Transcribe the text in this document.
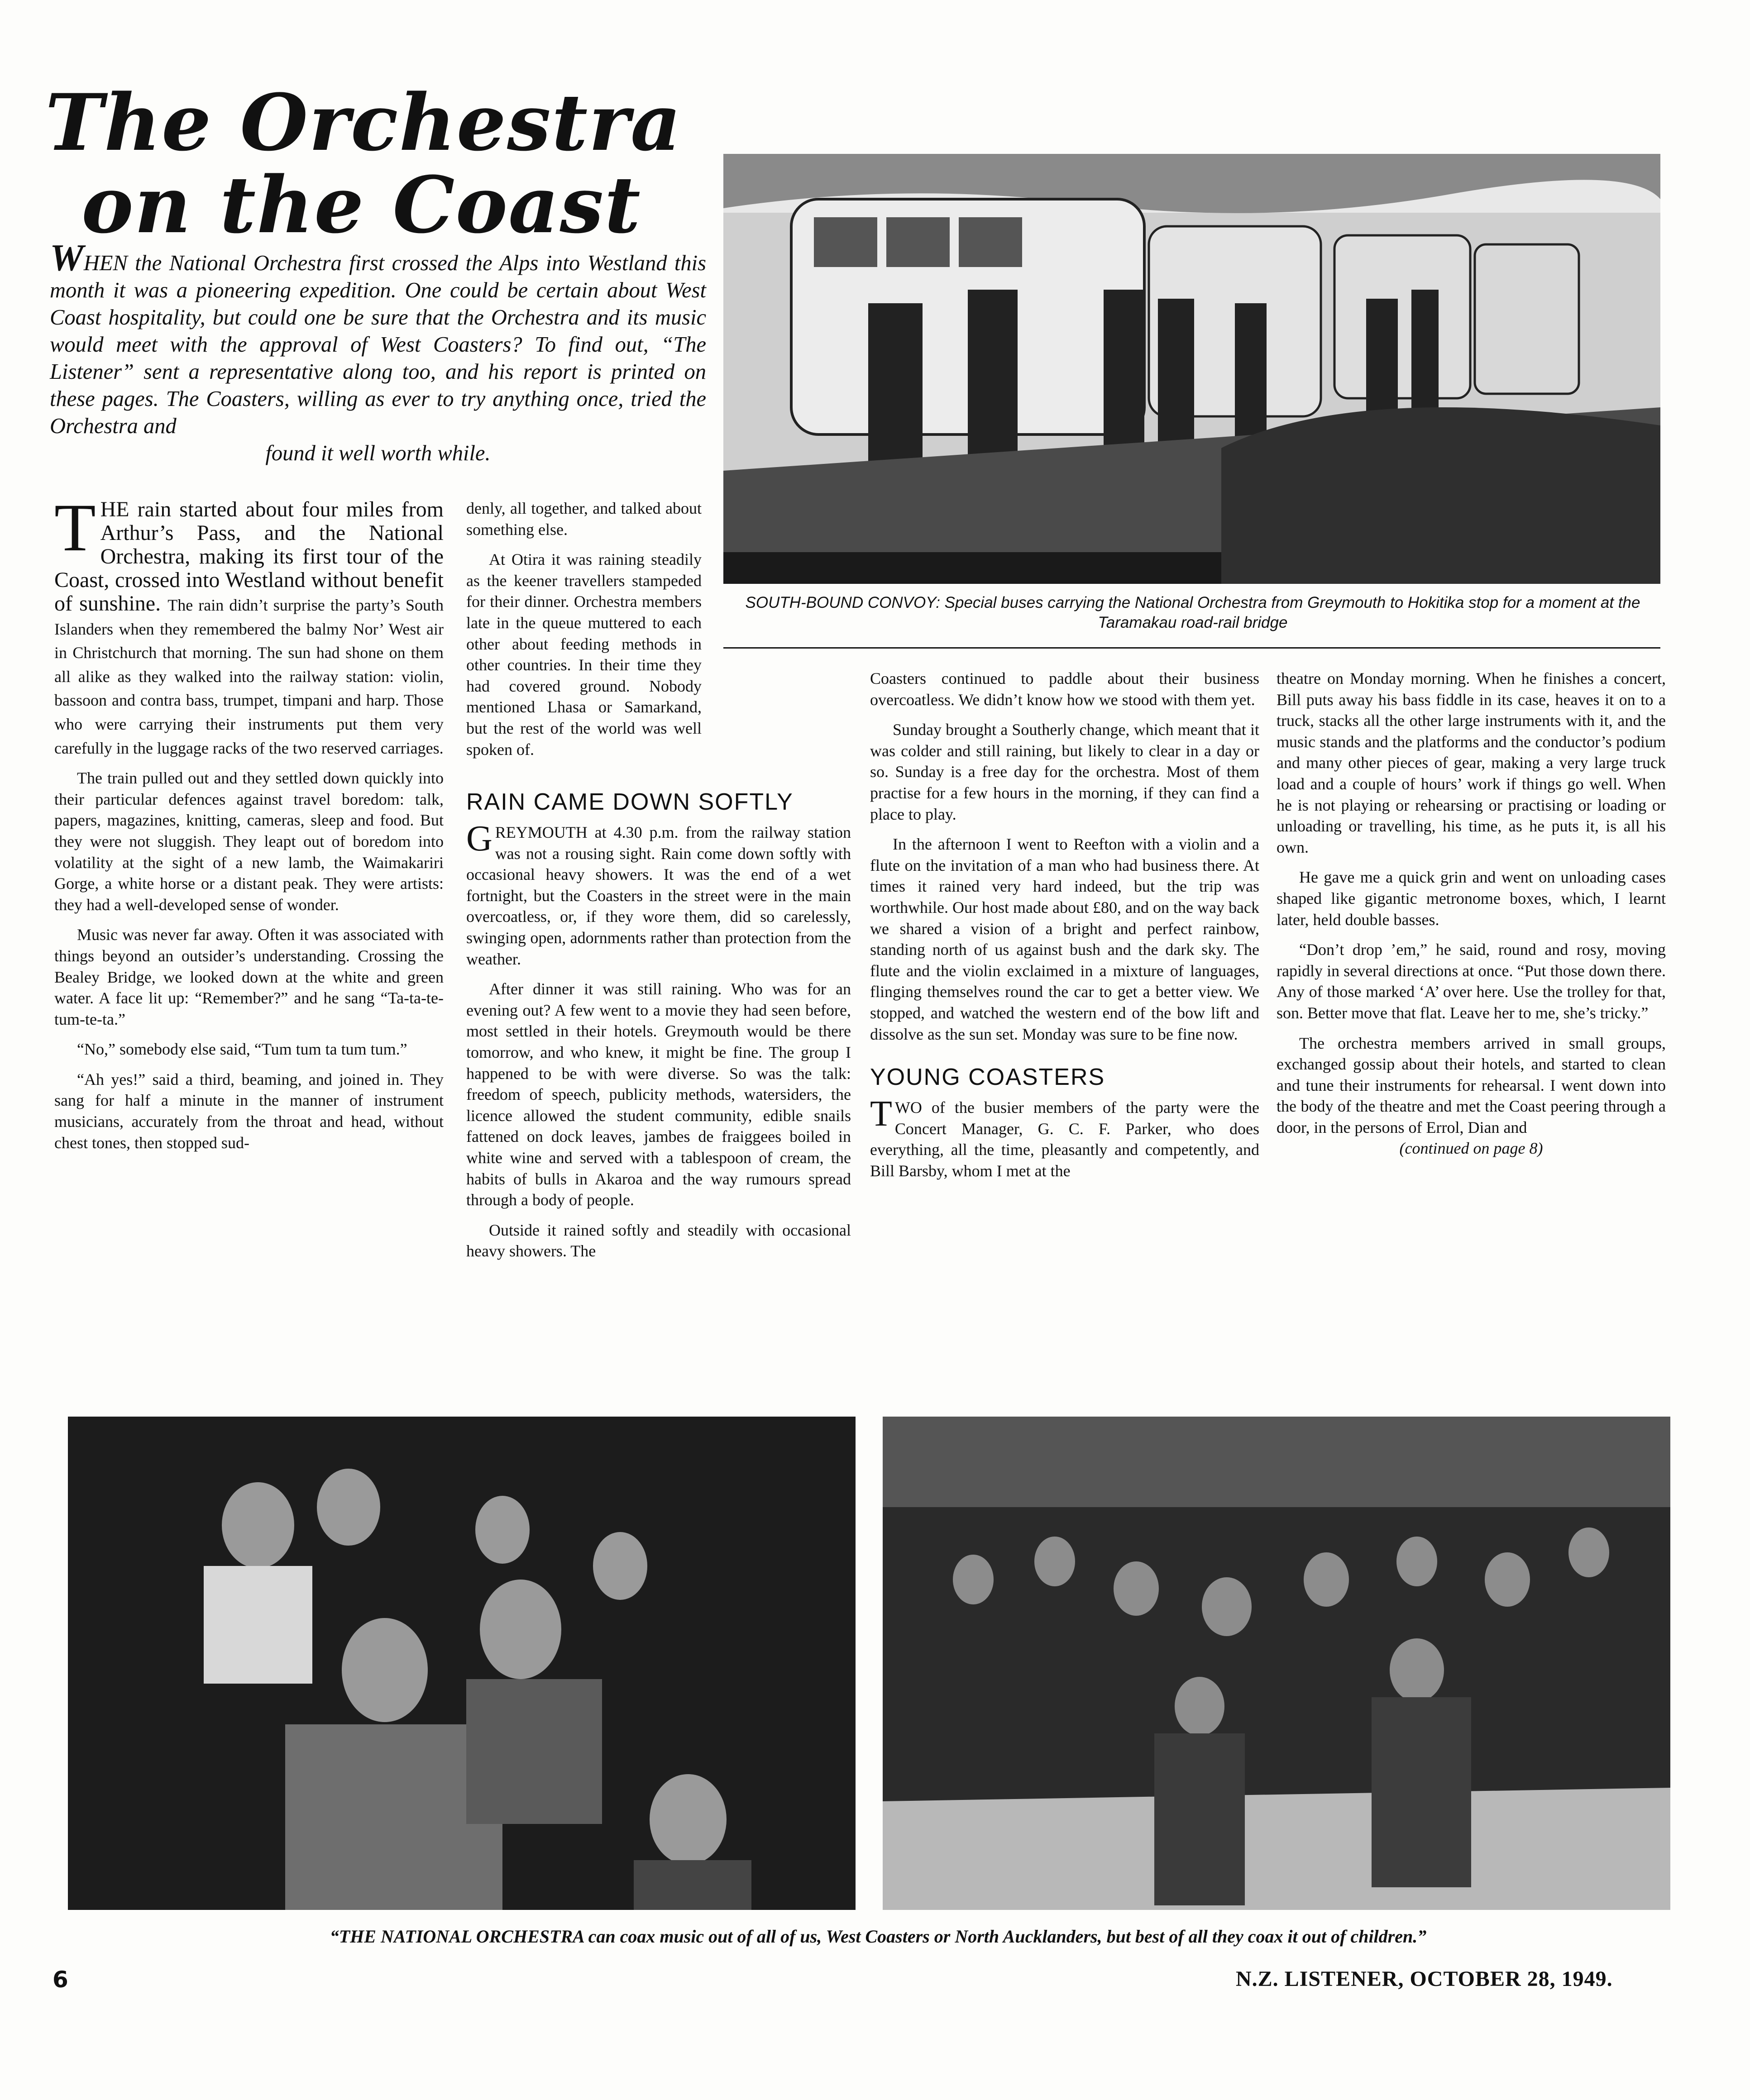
The Orchestra
on the Coast
WHEN the National Orchestra first crossed the Alps into Westland this month it was a pioneering expedition. One could be certain about West Coast hospitality, but could one be sure that the Orchestra and its music would meet with the approval of West Coasters? To find out, “The Listener” sent a representative along too, and his report is printed on these pages. The Coasters, willing as ever to try anything once, tried the Orchestra and
found it well worth while.
SOUTH-BOUND CONVOY: Special buses carrying the National Orchestra from Greymouth to Hokitika stop for a moment at the Taramakau road-rail bridge

THE rain started about four miles from Arthur’s Pass, and the National Orchestra, making its first tour of the Coast, crossed into Westland without benefit of sunshine. The rain didn’t surprise the party’s South Islanders when they remembered the balmy Nor’ West air in Christchurch that morning. The sun had shone on them all alike as they walked into the railway station: violin, bassoon and contra bass, trumpet, timpani and harp. Those who were carrying their instruments put them very carefully in the luggage racks of the two reserved carriages.

The train pulled out and they settled down quickly into their particular defences against travel boredom: talk, papers, magazines, knitting, cameras, sleep and food. But they were not sluggish. They leapt out of boredom into volatility at the sight of a new lamb, the Waimakariri Gorge, a white horse or a distant peak. They were artists: they had a well-developed sense of wonder.

Music was never far away. Often it was associated with things beyond an outsider’s understanding. Crossing the Bealey Bridge, we looked down at the white and green water. A face lit up: “Remember?” and he sang “Ta-ta-te-tum-te-ta.”

“No,” somebody else said, “Tum tum ta tum tum.”

“Ah yes!” said a third, beaming, and joined in. They sang for half a minute in the manner of instrument musicians, accurately from the throat and head, without chest tones, then stopped sud-

denly, all together, and talked about something else.

At Otira it was raining steadily as the keener travellers stampeded for their dinner. Orchestra members late in the queue muttered to each other about feeding methods in other countries. In their time they had covered ground. Nobody mentioned Lhasa or Samarkand, but the rest of the world was well spoken of.

RAIN CAME DOWN SOFTLY

GREYMOUTH at 4.30 p.m. from the railway station was not a rousing sight. Rain come down softly with occasional heavy showers. It was the end of a wet fortnight, but the Coasters in the street were in the main overcoatless, or, if they wore them, did so carelessly, swinging open, adornments rather than protection from the weather.

After dinner it was still raining. Who was for an evening out? A few went to a movie they had seen before, most settled in their hotels. Greymouth would be there tomorrow, and who knew, it might be fine. The group I happened to be with were diverse. So was the talk: freedom of speech, publicity methods, watersiders, the licence allowed the student community, edible snails fattened on dock leaves, jambes de fraiggees boiled in white wine and served with a tablespoon of cream, the habits of bulls in Akaroa and the way rumours spread through a body of people.

Outside it rained softly and steadily with occasional heavy showers. The

Coasters continued to paddle about their business overcoatless. We didn’t know how we stood with them yet.

Sunday brought a Southerly change, which meant that it was colder and still raining, but likely to clear in a day or so. Sunday is a free day for the orchestra. Most of them practise for a few hours in the morning, if they can find a place to play.

In the afternoon I went to Reefton with a violin and a flute on the invitation of a man who had business there. At times it rained very hard indeed, but the trip was worthwhile. Our host made about £80, and on the way back we shared a vision of a bright and perfect rainbow, standing north of us against bush and the dark sky. The flute and the violin exclaimed in a mixture of languages, flinging themselves round the car to get a better view. We stopped, and watched the western end of the bow lift and dissolve as the sun set. Monday was sure to be fine now.

YOUNG COASTERS

TWO of the busier members of the party were the Concert Manager, G. C. F. Parker, who does everything, all the time, pleasantly and competently, and Bill Barsby, whom I met at the

theatre on Monday morning. When he finishes a concert, Bill puts away his bass fiddle in its case, heaves it on to a truck, stacks all the other large instruments with it, and the music stands and the platforms and the conductor’s podium and many other pieces of gear, making a very large truck load and a couple of hours’ work if things go well. When he is not playing or rehearsing or practising or loading or unloading or travelling, his time, as he puts it, is all his own.

He gave me a quick grin and went on unloading cases shaped like gigantic metronome boxes, which, I learnt later, held double basses.

“Don’t drop ’em,” he said, round and rosy, moving rapidly in several directions at once. “Put those down there. Any of those marked ‘A’ over here. Use the trolley for that, son. Better move that flat. Leave her to me, she’s tricky.”

The orchestra members arrived in small groups, exchanged gossip about their hotels, and started to clean and tune their instruments for rehearsal. I went down into the body of the theatre and met the Coast peering through a door, in the persons of Errol, Dian and

(continued on page 8)
“THE NATIONAL ORCHESTRA can coax music out of all of us, West Coasters or North Aucklanders, but best of all they coax it out of children.”
6	N.Z. LISTENER, OCTOBER 28, 1949.
